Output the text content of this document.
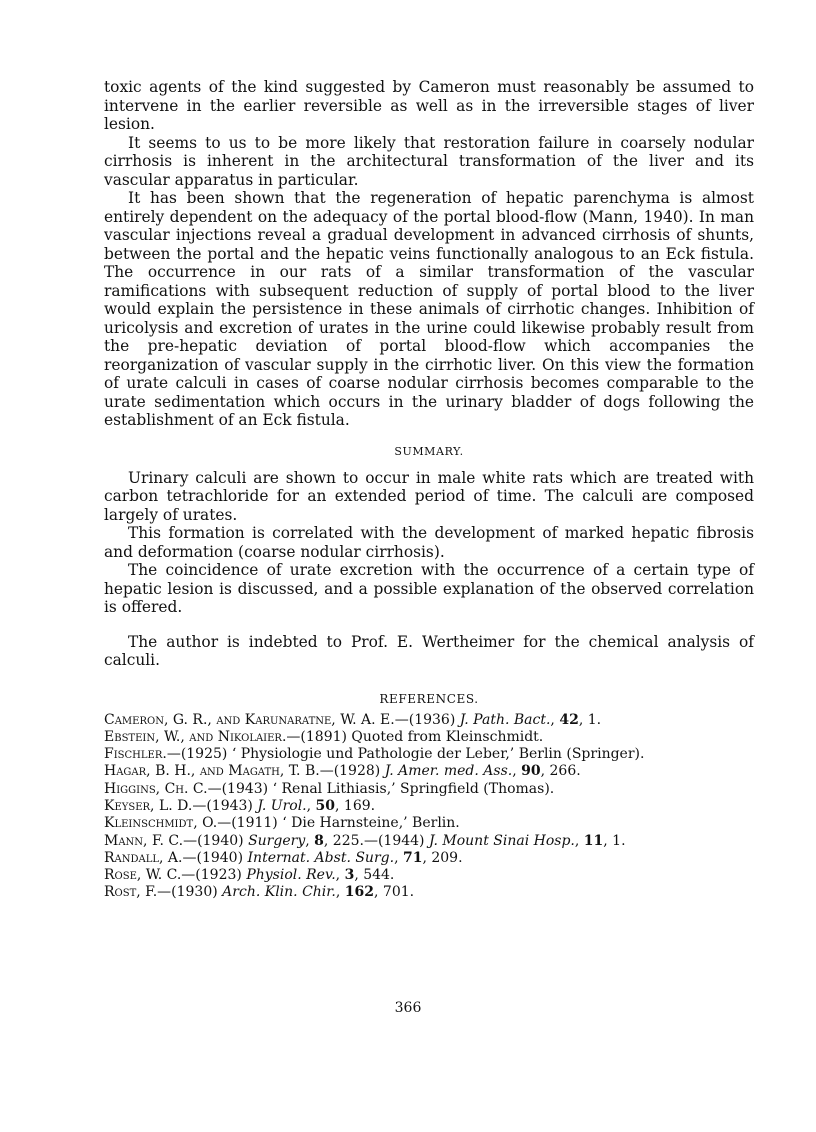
toxic agents of the kind suggested by Cameron must reasonably be assumed to intervene in the earlier reversible as well as in the irreversible stages of liver lesion.

It seems to us to be more likely that restoration failure in coarsely nodular cirrhosis is inherent in the architectural transformation of the liver and its vascular apparatus in particular.

It has been shown that the regeneration of hepatic parenchyma is almost entirely dependent on the adequacy of the portal blood-flow (Mann, 1940). In man vascular injections reveal a gradual development in advanced cirrhosis of shunts, between the portal and the hepatic veins functionally analogous to an Eck fistula. The occurrence in our rats of a similar transformation of the vascular ramifications with subsequent reduction of supply of portal blood to the liver would explain the persistence in these animals of cirrhotic changes. Inhibition of uricolysis and excretion of urates in the urine could likewise probably result from the pre-hepatic deviation of portal blood-flow which accompanies the reorganization of vascular supply in the cirrhotic liver. On this view the formation of urate calculi in cases of coarse nodular cirrhosis becomes comparable to the urate sedimentation which occurs in the urinary bladder of dogs following the establishment of an Eck fistula.

SUMMARY.

Urinary calculi are shown to occur in male white rats which are treated with carbon tetrachloride for an extended period of time. The calculi are composed largely of urates.

This formation is correlated with the development of marked hepatic fibrosis and deformation (coarse nodular cirrhosis).

The coincidence of urate excretion with the occurrence of a certain type of hepatic lesion is discussed, and a possible explanation of the observed correlation is offered.

The author is indebted to Prof. E. Wertheimer for the chemical analysis of calculi.

REFERENCES.
Cameron, G. R., and Karunaratne, W. A. E.—(1936) J. Path. Bact., 42, 1.
Ebstein, W., and Nikolaier.—(1891) Quoted from Kleinschmidt.
Fischler.—(1925) ‘ Physiologie und Pathologie der Leber,’ Berlin (Springer).
Hagar, B. H., and Magath, T. B.—(1928) J. Amer. med. Ass., 90, 266.
Higgins, Ch. C.—(1943) ‘ Renal Lithiasis,’ Springfield (Thomas).
Keyser, L. D.—(1943) J. Urol., 50, 169.
Kleinschmidt, O.—(1911) ‘ Die Harnsteine,’ Berlin.
Mann, F. C.—(1940) Surgery, 8, 225.—(1944) J. Mount Sinai Hosp., 11, 1.
Randall, A.—(1940) Internat. Abst. Surg., 71, 209.
Rose, W. C.—(1923) Physiol. Rev., 3, 544.
Rost, F.—(1930) Arch. Klin. Chir., 162, 701.
366
